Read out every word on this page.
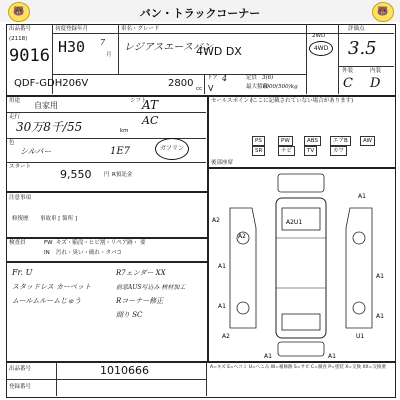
🐻	バン・トラックコーナー	🐻
出品番号
(2118)
9016
初度登録年月
H30 7
月
車名・グレード
レジアスエースバン
4WD DX
2WD
4WD
評価点
3.5
外装	内装
C D
QDF-GDH206V	2800 cc
ドア 4
V
定員 3(6)
最大積載
1000(500)kg
用途 自家用	シフト
AT
走行
30万8千/55	km
AC
色
シルバー	1E7	ガソリン
スタート
9,550 円 R預託金
注意事項
修復歴 事故車 [ 箇所 ]
セールスポイント
(ここに記載されていない場合があります)
PS	PW	ABS	エアB	AW
SR	ナビ	TV	カワ
後部座席
検査員	FW キズ・陥没・ヒビ割・リペア跡・ 要
IN 汚れ・臭い・破れ・タバコ
Fr. U
スタッドレス カーペット
ムールムルームじゅう
R7ェンダー XX
前窓AUS写込み 核材加工
Rコーナー修正
間り SC
A2
A2U1
A1
A1
A1
A1
A2
A2
A1	A1
A1
U1
出品番号	1010666
登録番号
A=キズ E=ヘコミ U=へこみ W=補修跡 S=サビ C=腐食 P=塗装 X=交換 XX=交換要
